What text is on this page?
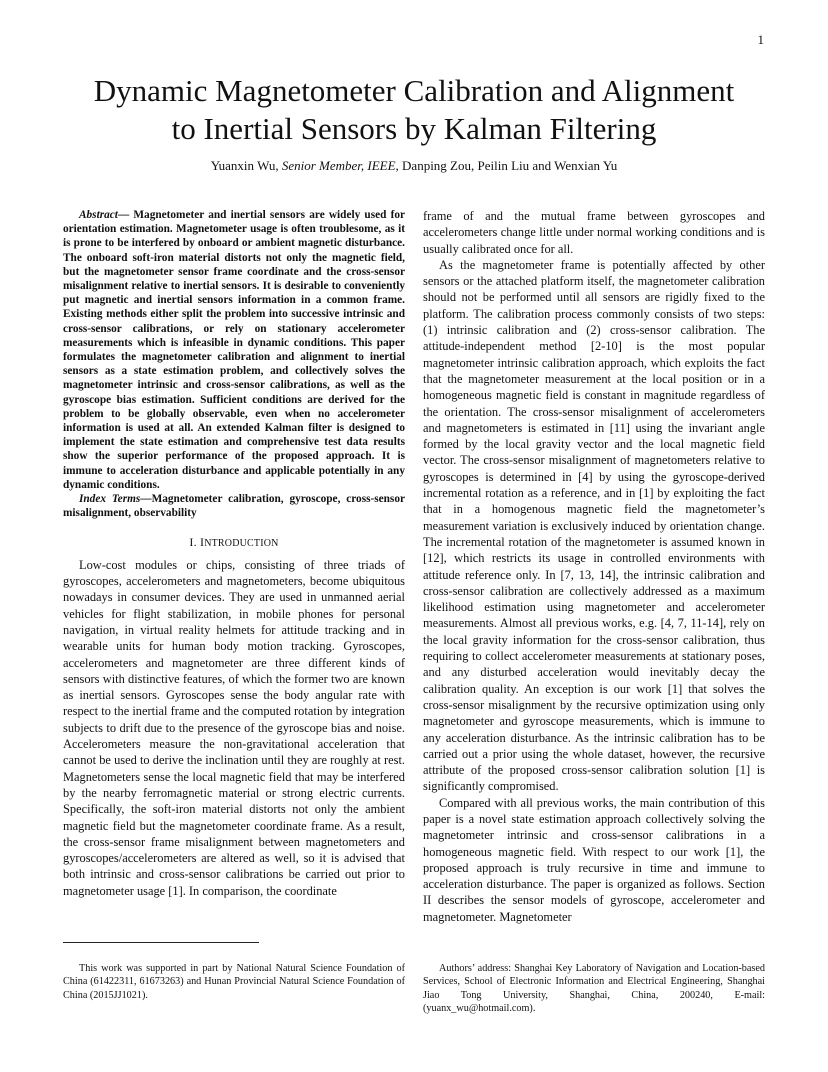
1
Dynamic Magnetometer Calibration and Alignment
to Inertial Sensors by Kalman Filtering
Yuanxin Wu, Senior Member, IEEE, Danping Zou, Peilin Liu and Wenxian Yu

Abstract— Magnetometer and inertial sensors are widely used for orientation estimation. Magnetometer usage is often troublesome, as it is prone to be interfered by onboard or ambient magnetic disturbance. The onboard soft-iron material distorts not only the magnetic field, but the magnetometer sensor frame coordinate and the cross-sensor misalignment relative to inertial sensors. It is desirable to conveniently put magnetic and inertial sensors information in a common frame. Existing methods either split the problem into successive intrinsic and cross-sensor calibrations, or rely on stationary accelerometer measurements which is infeasible in dynamic conditions. This paper formulates the magnetometer calibration and alignment to inertial sensors as a state estimation problem, and collectively solves the magnetometer intrinsic and cross-sensor calibrations, as well as the gyroscope bias estimation. Sufficient conditions are derived for the problem to be globally observable, even when no accelerometer information is used at all. An extended Kalman filter is designed to implement the state estimation and comprehensive test data results show the superior performance of the proposed approach. It is immune to acceleration disturbance and applicable potentially in any dynamic conditions.

Index Terms—Magnetometer calibration, gyroscope, cross-sensor misalignment, observability

I. INTRODUCTION

Low-cost modules or chips, consisting of three triads of gyroscopes, accelerometers and magnetometers, become ubiquitous nowadays in consumer devices. They are used in unmanned aerial vehicles for flight stabilization, in mobile phones for personal navigation, in virtual reality helmets for attitude tracking and in wearable units for human body motion tracking. Gyroscopes, accelerometers and magnetometer are three different kinds of sensors with distinctive features, of which the former two are known as inertial sensors. Gyroscopes sense the body angular rate with respect to the inertial frame and the computed rotation by integration subjects to drift due to the presence of the gyroscope bias and noise. Accelerometers measure the non-gravitational acceleration that cannot be used to derive the inclination until they are roughly at rest. Magnetometers sense the local magnetic field that may be interfered by the nearby ferromagnetic material or strong electric currents. Specifically, the soft-iron material distorts not only the ambient magnetic field but the magnetometer coordinate frame. As a result, the cross-sensor frame misalignment between magnetometers and gyroscopes/accelerometers are altered as well, so it is advised that both intrinsic and cross-sensor calibrations be carried out prior to magnetometer usage [1]. In comparison, the coordinate

frame of and the mutual frame between gyroscopes and accelerometers change little under normal working conditions and is usually calibrated once for all.

As the magnetometer frame is potentially affected by other sensors or the attached platform itself, the magnetometer calibration should not be performed until all sensors are rigidly fixed to the platform. The calibration process commonly consists of two steps: (1) intrinsic calibration and (2) cross-sensor calibration. The attitude-independent method [2-10] is the most popular magnetometer intrinsic calibration approach, which exploits the fact that the magnetometer measurement at the local position or in a homogeneous magnetic field is constant in magnitude regardless of the orientation. The cross-sensor misalignment of accelerometers and magnetometers is estimated in [11] using the invariant angle formed by the local gravity vector and the local magnetic field vector. The cross-sensor misalignment of magnetometers relative to gyroscopes is determined in [4] by using the gyroscope-derived incremental rotation as a reference, and in [1] by exploiting the fact that in a homogenous magnetic field the magnetometer’s measurement variation is exclusively induced by orientation change. The incremental rotation of the magnetometer is assumed known in [12], which restricts its usage in controlled environments with attitude reference only. In [7, 13, 14], the intrinsic calibration and cross-sensor calibration are collectively addressed as a maximum likelihood estimation using magnetometer and accelerometer measurements. Almost all previous works, e.g. [4, 7, 11-14], rely on the local gravity information for the cross-sensor calibration, thus requiring to collect accelerometer measurements at stationary poses, and any disturbed acceleration would inevitably decay the calibration quality. An exception is our work [1] that solves the cross-sensor misalignment by the recursive optimization using only magnetometer and gyroscope measurements, which is immune to any acceleration disturbance. As the intrinsic calibration has to be carried out a prior using the whole dataset, however, the recursive attribute of the proposed cross-sensor calibration solution [1] is significantly compromised.

Compared with all previous works, the main contribution of this paper is a novel state estimation approach collectively solving the magnetometer intrinsic and cross-sensor calibrations in a homogeneous magnetic field. With respect to our work [1], the proposed approach is truly recursive in time and immune to acceleration disturbance. The paper is organized as follows. Section II describes the sensor models of gyroscope, accelerometer and magnetometer. Magnetometer

This work was supported in part by National Natural Science Foundation of China (61422311, 61673263) and Hunan Provincial Natural Science Foundation of China (2015JJ1021).

Authors’ address: Shanghai Key Laboratory of Navigation and Location-based Services, School of Electronic Information and Electrical Engineering, Shanghai Jiao Tong University, Shanghai, China, 200240, E-mail: (yuanx_wu@hotmail.com).
